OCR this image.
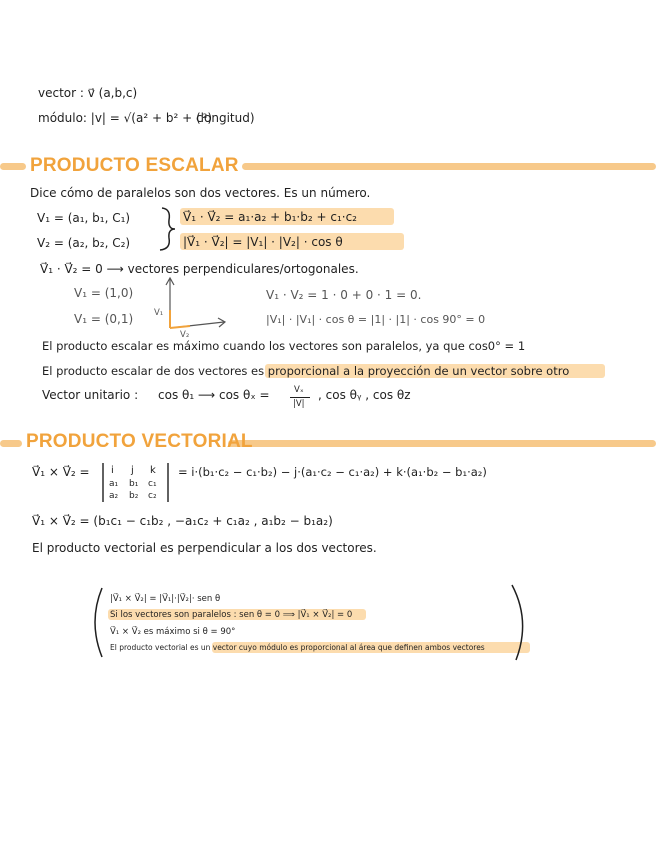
vector : v⃗ (a,b,c)
módulo: |v| = √(a² + b² + c²)
(longitud)
PRODUCTO ESCALAR
Dice cómo de paralelos son dos vectores. Es un número.
V₁ = (a₁, b₁, C₁)
V₂ = (a₂, b₂, C₂)
V⃗₁ · V⃗₂ = a₁·a₂ + b₁·b₂ + c₁·c₂
|V⃗₁ · V⃗₂| = |V₁| · |V₂| · cos θ
V⃗₁ · V⃗₂ = 0 ⟶ vectores perpendiculares/ortogonales.
V₁ = (1,0)
V₁ = (0,1) V₁
V₂
V₁ · V₂ = 1 · 0 + 0 · 1 = 0.
|V₁| · |V₁| · cos θ = |1| · |1| · cos 90° = 0
El producto escalar es máximo cuando los vectores son paralelos, ya que cos0° = 1
El producto escalar de dos vectores es proporcional a la proyección de un vector sobre otro
Vector unitario : cos θ₁ ⟶ cos θₓ =	Vₓ
|V|
, cos θᵧ , cos θz
PRODUCTO VECTORIAL
V⃗₁ × V⃗₂ = i j k
a₁ b₁ c₁
a₂ b₂ c₂
= i·(b₁·c₂ − c₁·b₂) − j·(a₁·c₂ − c₁·a₂) + k·(a₁·b₂ − b₁·a₂)
V⃗₁ × V⃗₂ = (b₁c₁ − c₁b₂ , −a₁c₂ + c₁a₂ , a₁b₂ − b₁a₂)
El producto vectorial es perpendicular a los dos vectores.
|V⃗₁ × V⃗₂| = |V⃗₁|·|V⃗₂|· sen θ
Si los vectores son paralelos : sen θ = 0 ⟹ |V⃗₁ × V⃗₂| = 0
V⃗₁ × V⃗₂ es máximo si θ = 90°
El producto vectorial es un vector cuyo módulo es proporcional al área que definen ambos vectores
